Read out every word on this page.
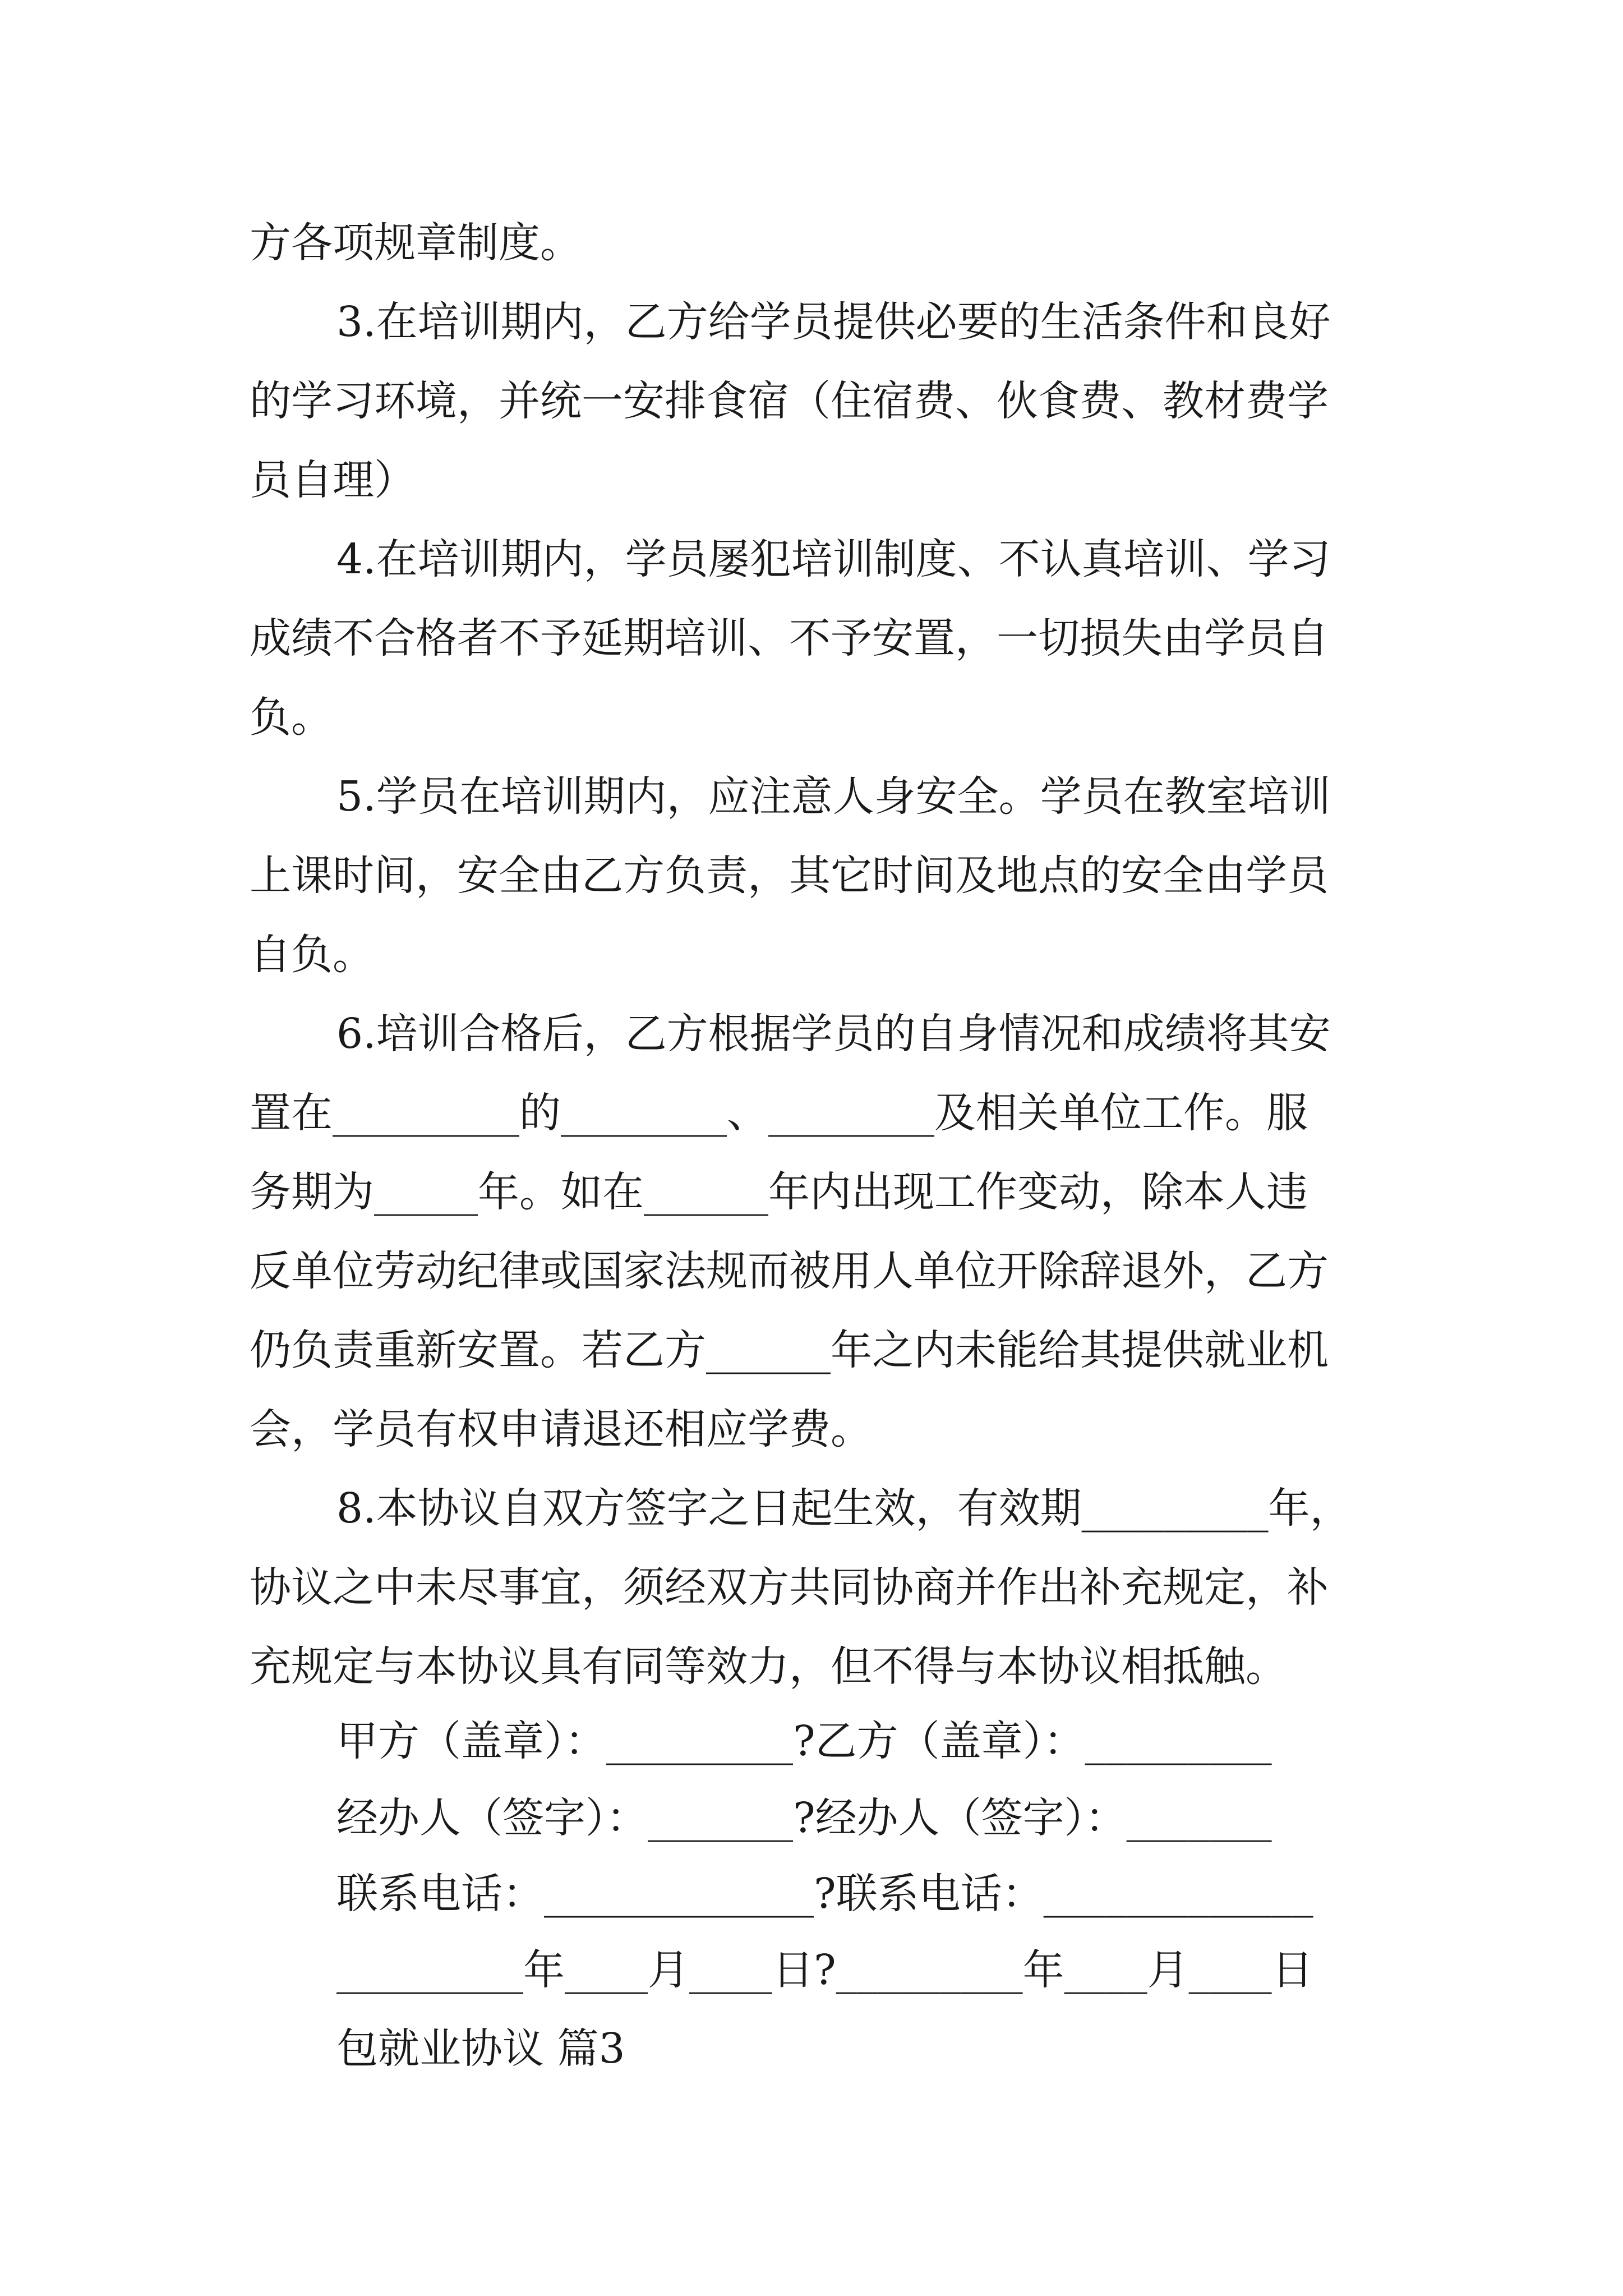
方各项规章制度。
3.在培训期内，乙方给学员提供必要的生活条件和良好
的学习环境，并统一安排食宿（住宿费、伙食费、教材费学
员自理）
4.在培训期内，学员屡犯培训制度、不认真培训、学习
成绩不合格者不予延期培训、不予安置，一切损失由学员自
负。
5.学员在培训期内，应注意人身安全。学员在教室培训
上课时间，安全由乙方负责，其它时间及地点的安全由学员
自负。
6.培训合格后，乙方根据学员的自身情况和成绩将其安
置在_________的________、________及相关单位工作。服
务期为_____年。如在______年内出现工作变动，除本人违
反单位劳动纪律或国家法规而被用人单位开除辞退外，乙方
仍负责重新安置。若乙方______年之内未能给其提供就业机
会，学员有权申请退还相应学费。
8.本协议自双方签字之日起生效，有效期_________年，
协议之中未尽事宜，须经双方共同协商并作出补充规定，补
充规定与本协议具有同等效力，但不得与本协议相抵触。
甲方（盖章）：_________?乙方（盖章）：_________
经办人（签字）：_______?经办人（签字）：_______
联系电话：_____________?联系电话：_____________
_________年____月____日?_________年____月____日
包就业协议 篇3
